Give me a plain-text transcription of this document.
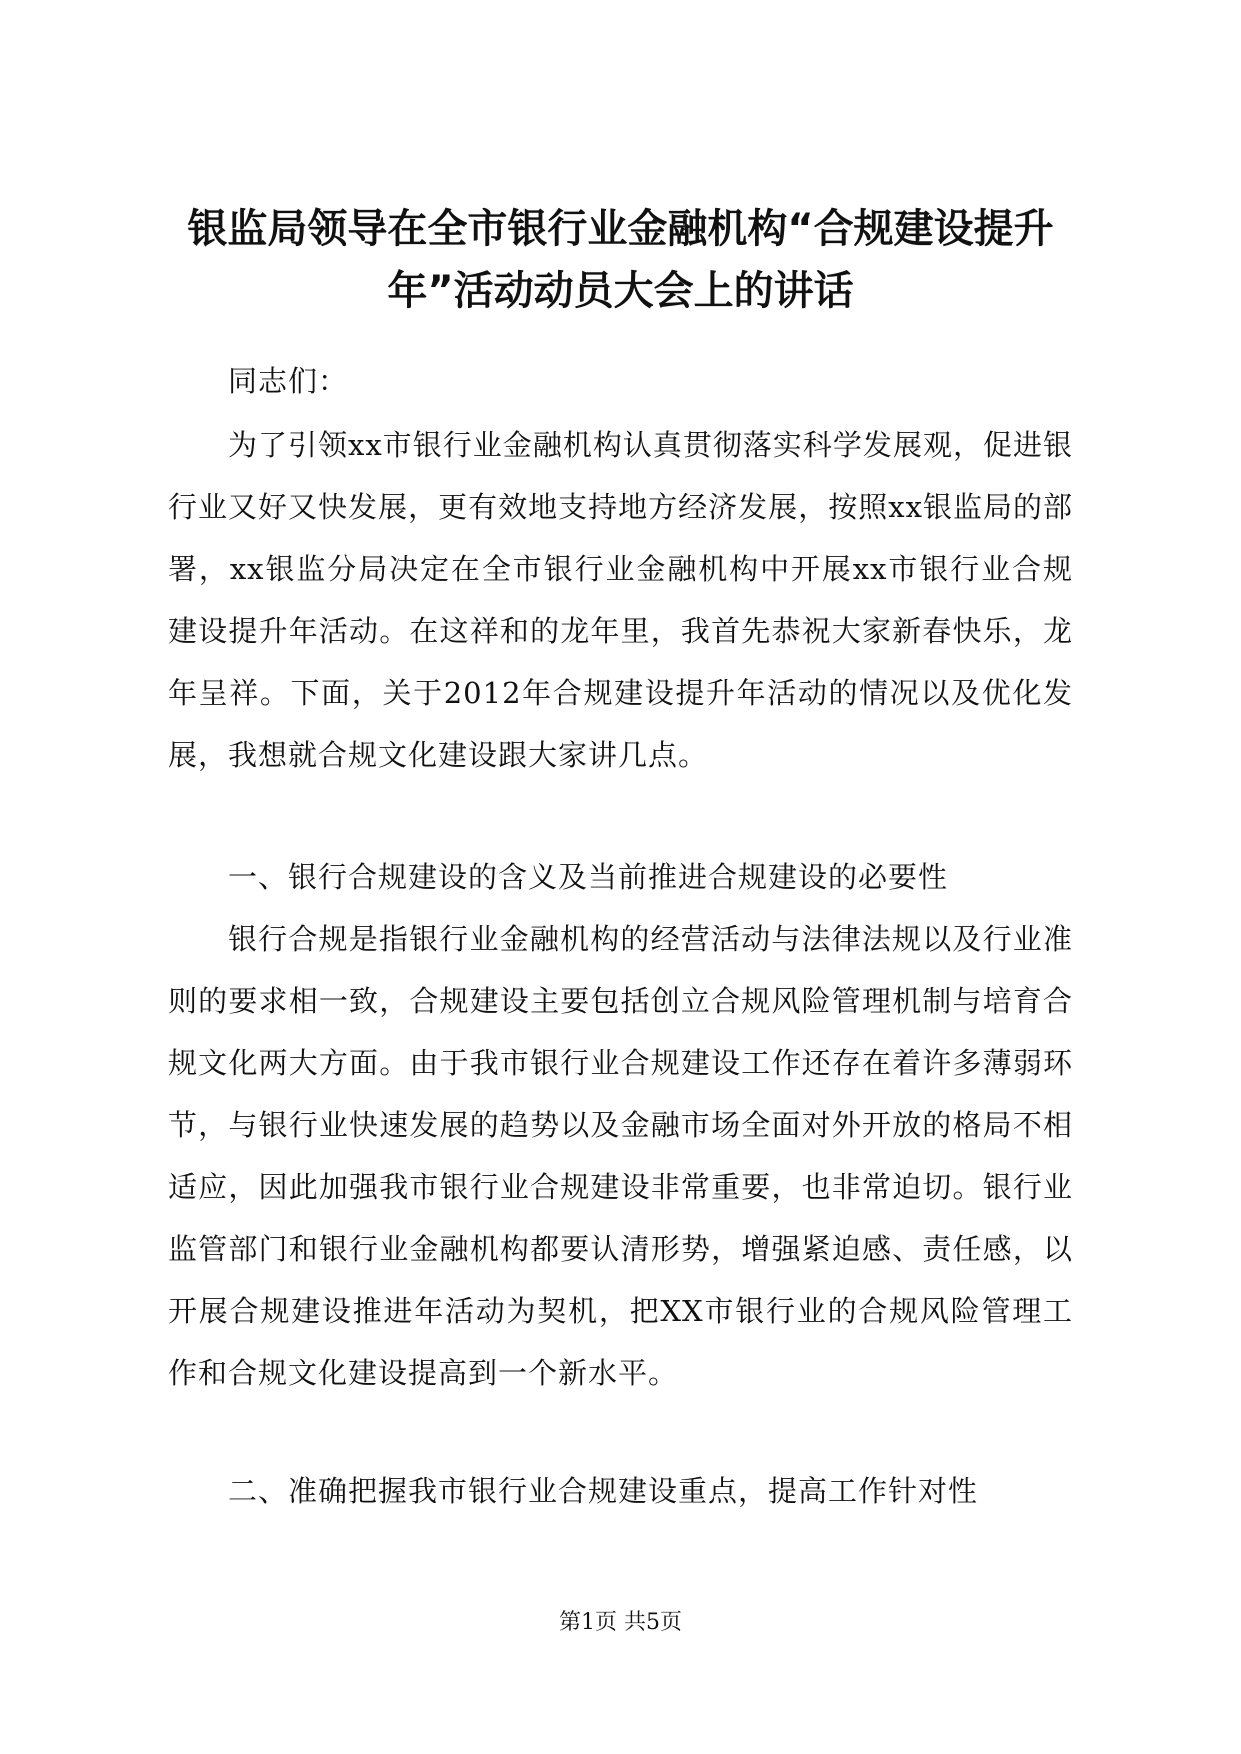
银监局领导在全市银行业金融机构“合规建设提升年”活动动员大会上的讲话

同志们：

为了引领xx市银行业金融机构认真贯彻落实科学发展观，促进银行业又好又快发展，更有效地支持地方经济发展，按照xx银监局的部署，xx银监分局决定在全市银行业金融机构中开展xx市银行业合规建设提升年活动。在这祥和的龙年里，我首先恭祝大家新春快乐，龙年呈祥。下面，关于2012年合规建设提升年活动的情况以及优化发展，我想就合规文化建设跟大家讲几点。

一、银行合规建设的含义及当前推进合规建设的必要性

银行合规是指银行业金融机构的经营活动与法律法规以及行业准则的要求相一致，合规建设主要包括创立合规风险管理机制与培育合规文化两大方面。由于我市银行业合规建设工作还存在着许多薄弱环节，与银行业快速发展的趋势以及金融市场全面对外开放的格局不相适应，因此加强我市银行业合规建设非常重要，也非常迫切。银行业监管部门和银行业金融机构都要认清形势，增强紧迫感、责任感，以开展合规建设推进年活动为契机，把XX市银行业的合规风险管理工作和合规文化建设提高到一个新水平。

二、准确把握我市银行业合规建设重点，提高工作针对性

第1页 共5页
